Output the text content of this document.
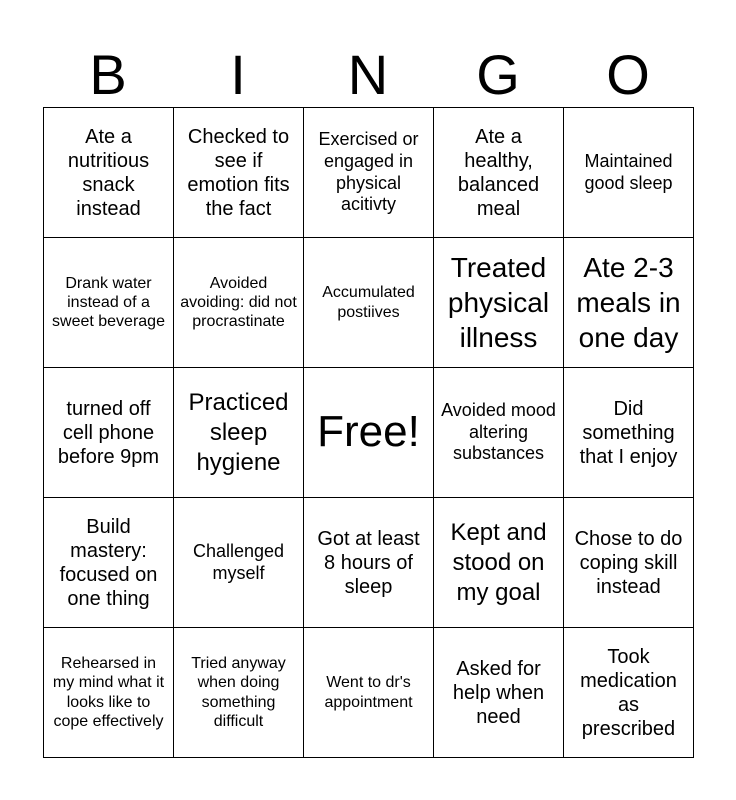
B	I	N	G	O
Ate a nutritious snack instead	Checked to see if emotion fits the fact	Exercised or engaged in physical acitivty	Ate a healthy, balanced meal	Maintained good sleep
Drank water instead of a sweet beverage	Avoided avoiding: did not procrastinate	Accumulated postiives	Treated physical illness	Ate 2-3 meals in one day
turned off cell phone before 9pm	Practiced sleep hygiene	Free!	Avoided mood altering substances	Did something that I enjoy
Build mastery: focused on one thing	Challenged myself	Got at least 8 hours of sleep	Kept and stood on my goal	Chose to do coping skill instead
Rehearsed in my mind what it looks like to cope effectively	Tried anyway when doing something difficult	Went to dr's appointment	Asked for help when need	Took medication as prescribed
